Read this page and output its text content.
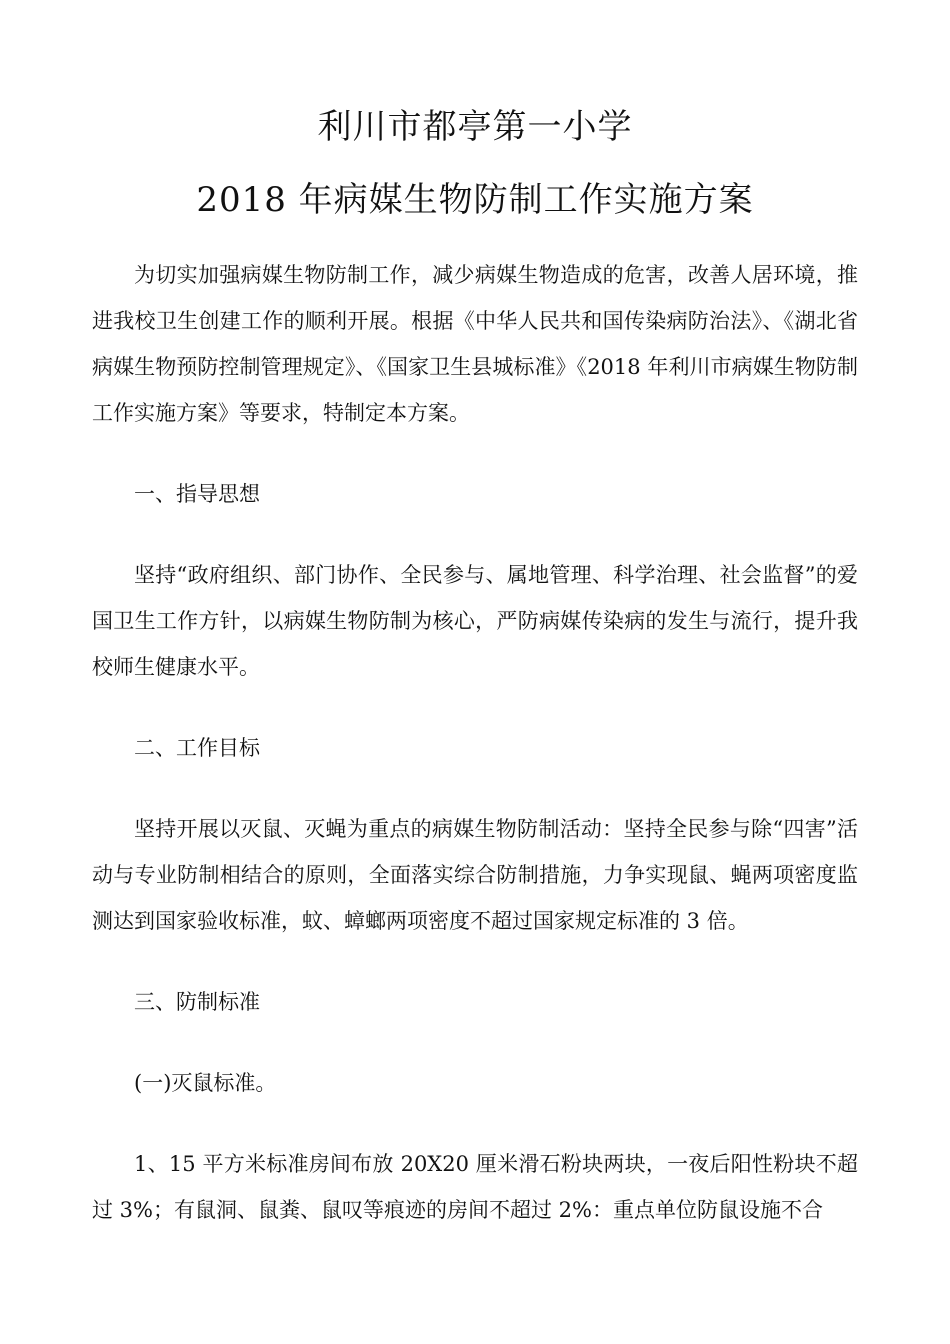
利川市都亭第一小学
2018 年病媒生物防制工作实施方案

为切实加强病媒生物防制工作，减少病媒生物造成的危害，改善人居环境，推进我校卫生创建工作的顺利开展。根据《中华人民共和国传染病防治法》、《湖北省病媒生物预防控制管理规定》、《国家卫生县城标准》《2018 年利川市病媒生物防制工作实施方案》等要求，特制定本方案。

一、指导思想

坚持“政府组织、部门协作、全民参与、属地管理、科学治理、社会监督”的爱国卫生工作方针，以病媒生物防制为核心，严防病媒传染病的发生与流行，提升我校师生健康水平。

二、工作目标

坚持开展以灭鼠、灭蝇为重点的病媒生物防制活动：坚持全民参与除“四害”活动与专业防制相结合的原则，全面落实综合防制措施，力争实现鼠、蝇两项密度监测达到国家验收标准，蚊、蟑螂两项密度不超过国家规定标准的 3 倍。

三、防制标准

(一)灭鼠标准。

1、15 平方米标准房间布放 20X20 厘米滑石粉块两块，一夜后阳性粉块不超过 3%；有鼠洞、鼠粪、鼠叹等痕迹的房间不超过 2%：重点单位防鼠设施不合
